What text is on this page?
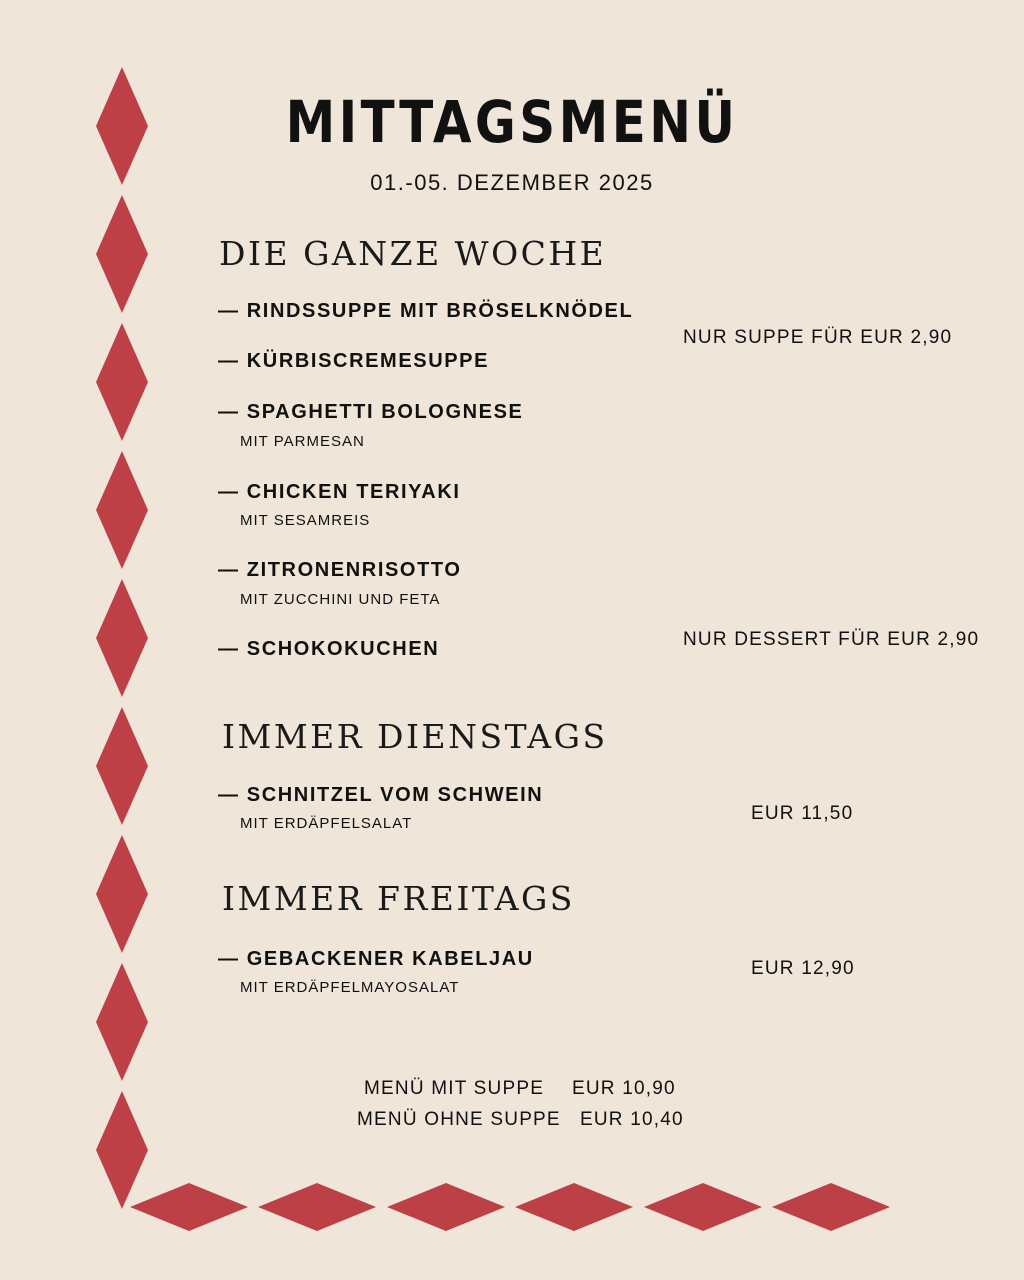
MITTAGSMENÜ
01.-05. DEZEMBER 2025
DIE GANZE WOCHE
— RINDSSUPPE MIT BRÖSELKNÖDEL
— KÜRBISCREMESUPPE
— SPAGHETTI BOLOGNESE
MIT PARMESAN
— CHICKEN TERIYAKI
MIT SESAMREIS
— ZITRONENRISOTTO
MIT ZUCCHINI UND FETA
— SCHOKOKUCHEN
NUR SUPPE FÜR EUR 2,90
NUR DESSERT FÜR EUR 2,90
IMMER DIENSTAGS
— SCHNITZEL VOM SCHWEIN
MIT ERDÄPFELSALAT	EUR 11,50
IMMER FREITAGS
— GEBACKENER KABELJAU
MIT ERDÄPFELMAYOSALAT
EUR 12,90
MENÜ MIT SUPPE EUR 10,90
MENÜ OHNE SUPPE EUR 10,40
